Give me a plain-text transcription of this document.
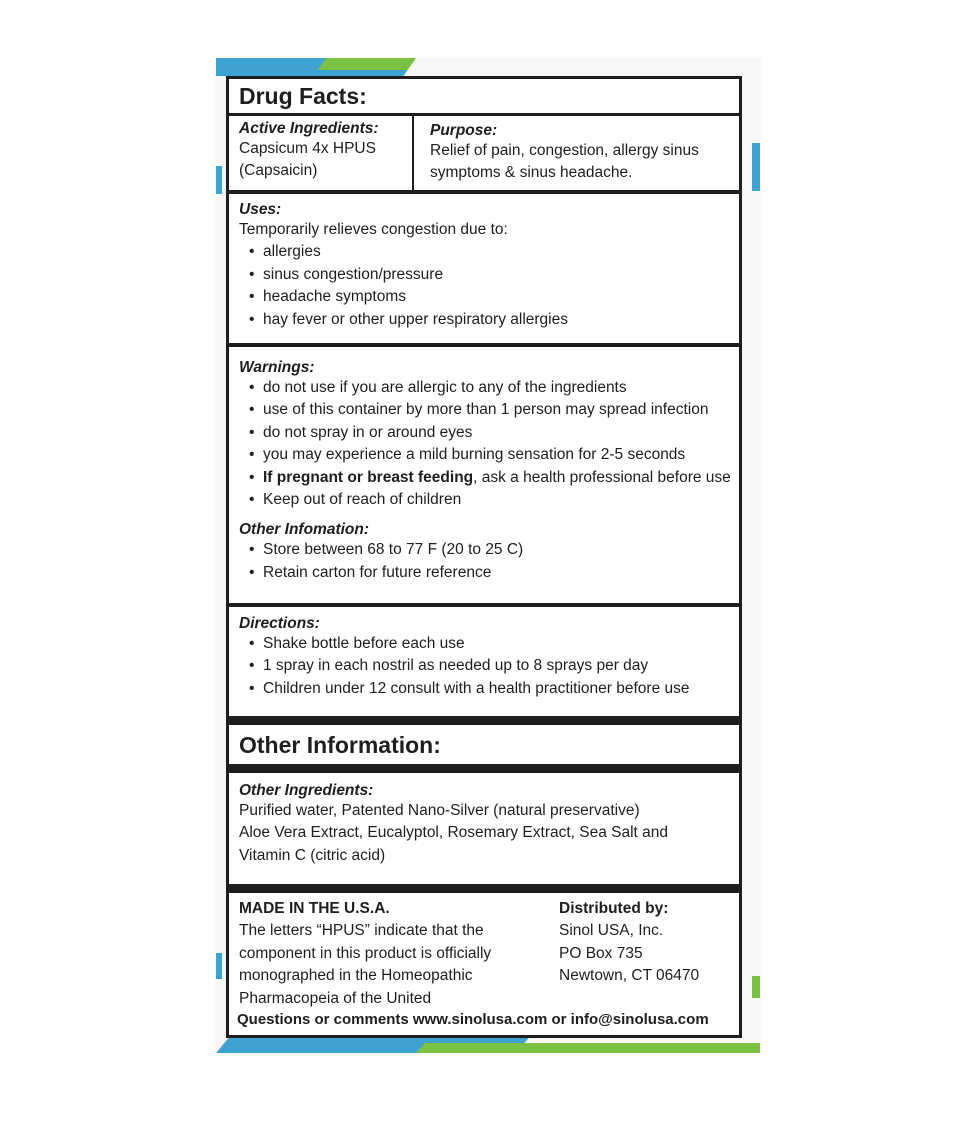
Drug Facts:
Active Ingredients:
Capsicum 4x HPUS
(Capsaicin)
Purpose:
Relief of pain, congestion, allergy sinus
symptoms & sinus headache.
Uses:
Temporarily relieves congestion due to:
• allergies
• sinus congestion/pressure
• headache symptoms
• hay fever or other upper respiratory allergies
Warnings:
• do not use if you are allergic to any of the ingredients
• use of this container by more than 1 person may spread infection
• do not spray in or around eyes
• you may experience a mild burning sensation for 2-5 seconds
• If pregnant or breast feeding, ask a health professional before use
• Keep out of reach of children
Other Infomation:
• Store between 68 to 77 F (20 to 25 C)
• Retain carton for future reference
Directions:
• Shake bottle before each use
• 1 spray in each nostril as needed up to 8 sprays per day
• Children under 12 consult with a health practitioner before use
Other Information:
Other Ingredients:
Purified water, Patented Nano-Silver (natural preservative)
Aloe Vera Extract, Eucalyptol, Rosemary Extract, Sea Salt and
Vitamin C (citric acid)
MADE IN THE U.S.A.
The letters “HPUS” indicate that the
component in this product is officially
monographed in the Homeopathic
Pharmacopeia of the United
Distributed by:
Sinol USA, Inc.
PO Box 735
Newtown, CT 06470
Questions or comments www.sinolusa.com or info@sinolusa.com
